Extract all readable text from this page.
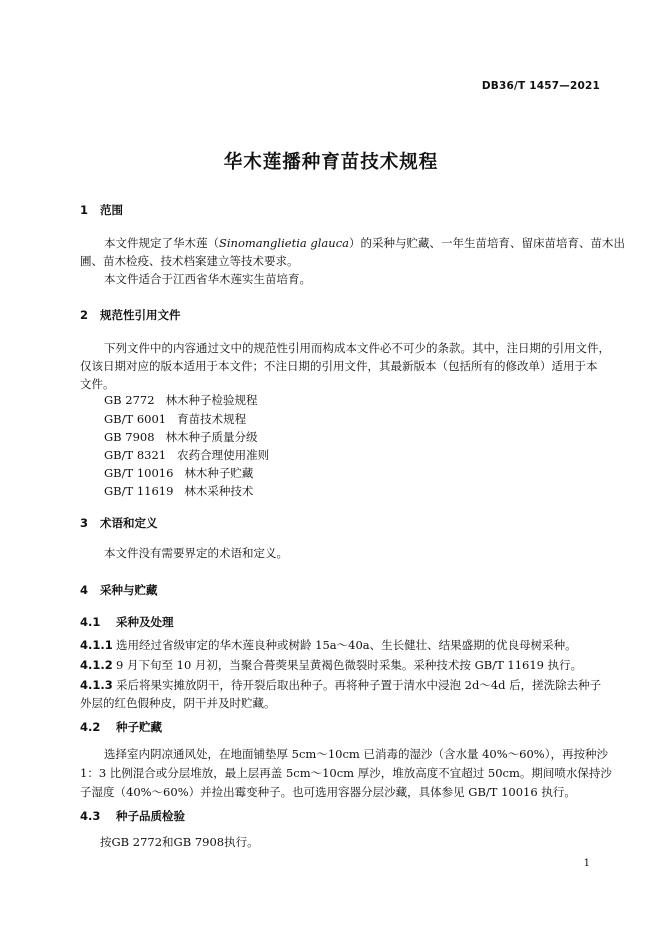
DB36/T 1457—2021
华木莲播种育苗技术规程
1 范围
本文件规定了华木莲（Sinomanglietia glauca）的采种与贮藏、一年生苗培育、留床苗培育、苗木出
圃、苗木检疫、技术档案建立等技术要求。
本文件适合于江西省华木莲实生苗培育。
2 规范性引用文件
下列文件中的内容通过文中的规范性引用而构成本文件必不可少的条款。其中，注日期的引用文件，
仅该日期对应的版本适用于本文件；不注日期的引用文件，其最新版本（包括所有的修改单）适用于本
文件。
GB 2772 林木种子检验规程
GB/T 6001 育苗技术规程
GB 7908 林木种子质量分级
GB/T 8321 农药合理使用准则
GB/T 10016 林木种子贮藏
GB/T 11619 林木采种技术
3 术语和定义
本文件没有需要界定的术语和定义。
4 采种与贮藏
4.1 采种及处理
4.1.1 选用经过省级审定的华木莲良种或树龄 15a～40a、生长健壮、结果盛期的优良母树采种。
4.1.2 9 月下旬至 10 月初，当聚合蓇葖果呈黄褐色微裂时采集。采种技术按 GB/T 11619 执行。
4.1.3 采后将果实摊放阴干，待开裂后取出种子。再将种子置于清水中浸泡 2d～4d 后，搓洗除去种子
外层的红色假种皮，阴干并及时贮藏。
4.2 种子贮藏
选择室内阴凉通风处，在地面铺垫厚 5cm～10cm 已消毒的湿沙（含水量 40%～60%），再按种沙
1：3 比例混合或分层堆放，最上层再盖 5cm～10cm 厚沙，堆放高度不宜超过 50cm。期间喷水保持沙
子湿度（40%～60%）并捡出霉变种子。也可选用容器分层沙藏，具体参见 GB/T 10016 执行。
4.3 种子品质检验
按GB 2772和GB 7908执行。
1
